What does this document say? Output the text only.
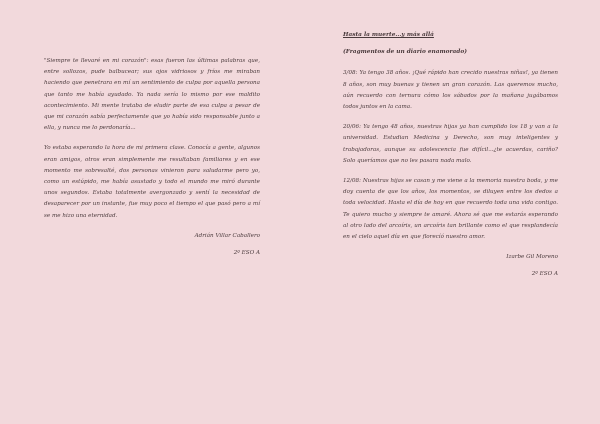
"Siempre te llevaré en mi corazón": esas fueron las últimas palabras que, entre sollozos, pude balbucear; sus ojos vidriosos y fríos me miraban haciendo que penetrara en mí un sentimiento de culpa por aquella persona que tanto me había ayudado. Ya nada sería lo mismo por ese maldito acontecimiento. Mi mente trataba de eludir parte de esa culpa a pesar de que mi corazón sabía perfectamente que yo había sido responsable junto a ella, y nunca me lo perdonaría...

Yo estaba esperando la hora de mi primera clase. Conocía a gente, algunos eran amigos, otros eran simplemente me resultaban familiares y en ese momento me sobresalté, dos personas vinieron para saludarme pero yo, como un estúpido, me había asustado y todo el mundo me miró durante unos segundos. Estaba totalmente avergonzado y sentí la necesidad de desaparecer por un instante, fue muy poco el tiempo el que pasó pero a mí se me hizo una eternidad.

Adrián Villar Caballero
2º ESO A
Hasta la muerte...y más allá
(Fragmentos de un diario enamorado)

3/08: Ya tengo 38 años. ¡Qué rápido han crecido nuestras niñas!, ya tienen 8 años, son muy buenas y tienen un gran corazón. Las queremos mucho, aún recuerdo con ternura cómo los sábados por la mañana jugábamos todos juntos en la cama.

20/06: Ya tengo 48 años, nuestras hijas ya han cumplido los 18 y van a la universidad. Estudian Medicina y Derecho, son muy inteligentes y trabajadoras, aunque su adolescencia fue difícil...¿te acuerdas, cariño? Solo queríamos que no les pasara nada malo.

12/08: Nuestras hijas se casan y me viene a la memoria nuestra boda, y me doy cuenta de que los años, los momentos, se diluyen entre los dedos a toda velocidad. Hasta el día de hoy en que recuerdo toda una vida contigo. Te quiero mucho y siempre te amaré. Ahora sé que me estarás esperando al otro lado del arcoíris, un arcoíris tan brillante como el que resplandecía en el cielo aquel día en que florecíó nuestro amor.

Izarbe Gil Moreno
2º ESO A
